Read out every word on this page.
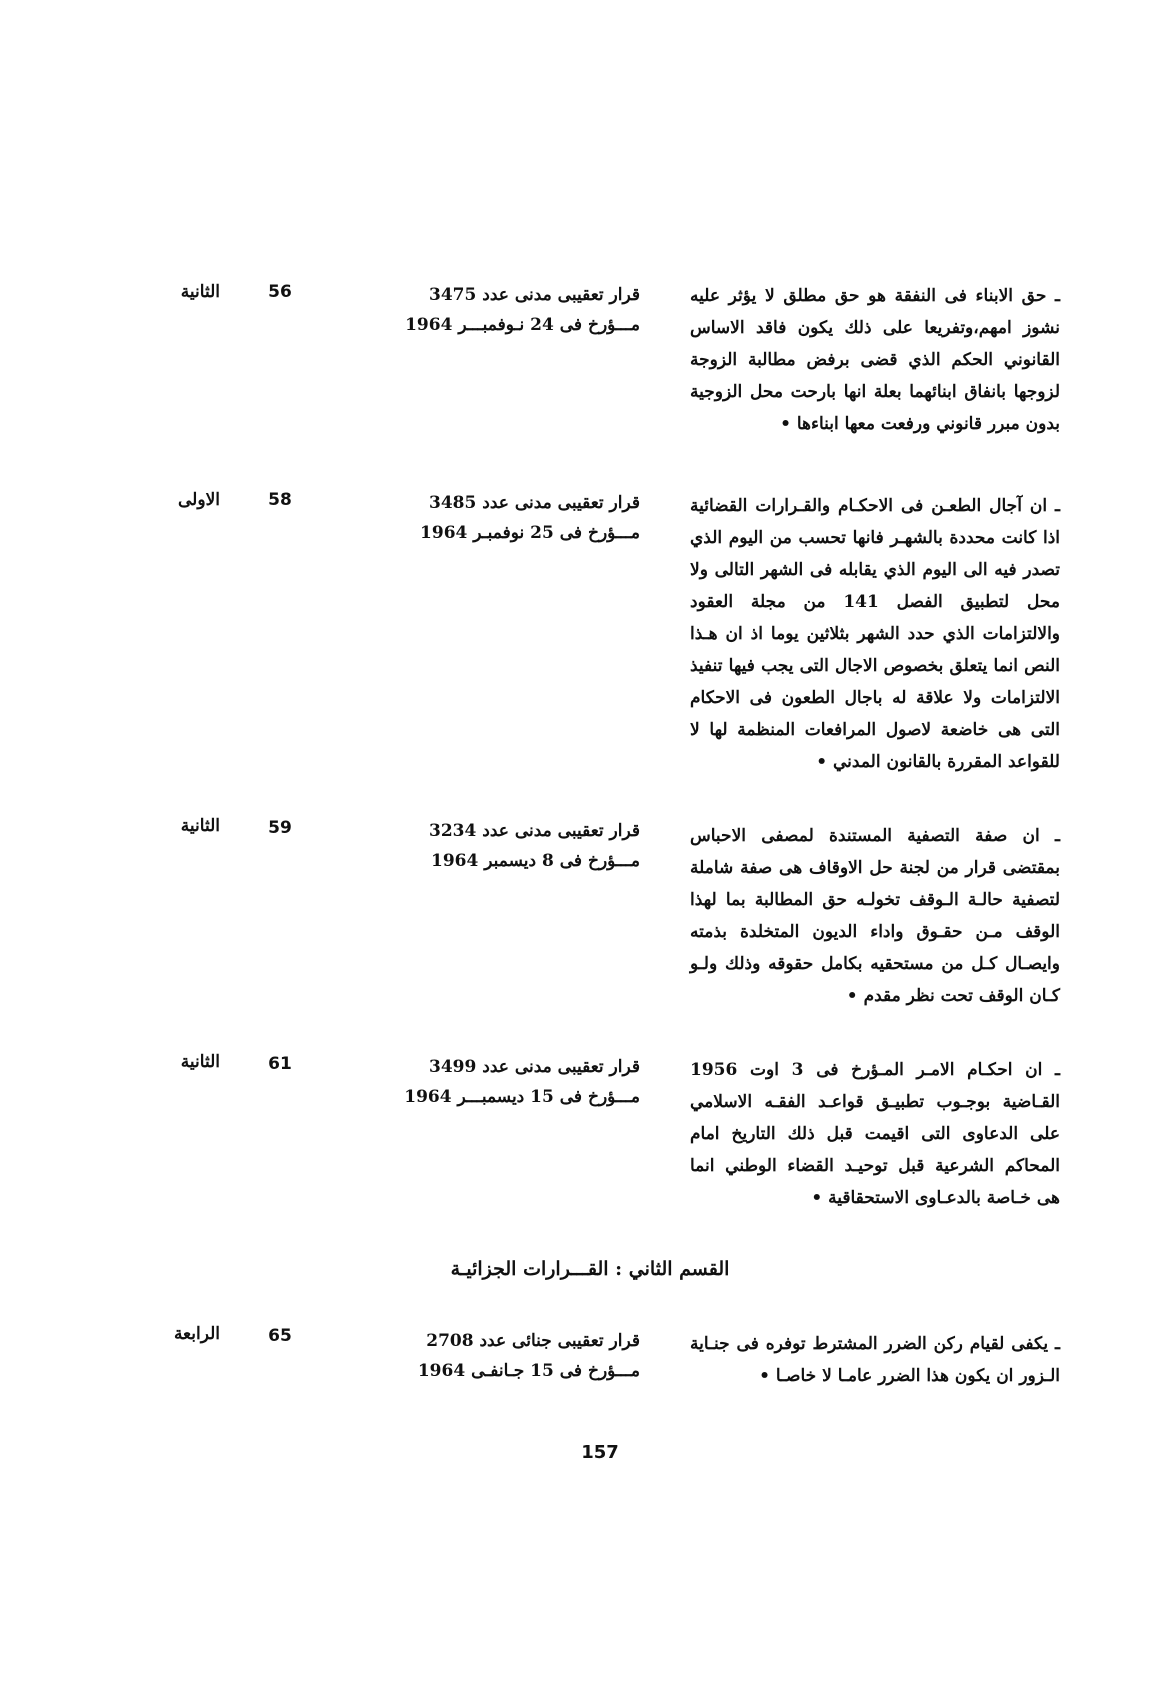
ـ حق الابناء فى النفقة هو حق مطلق لا يؤثر عليه نشوز امهم،وتفريعا على ذلك يكون فاقد الاساس القانوني الحكم الذي قضى برفض مطالبة الزوجة لزوجها بانفاق ابنائهما بعلة انها بارحت محل الزوجية بدون مبرر قانوني ورفعت معها ابناءها •
قرار تعقيبى مدنى عدد 3475
مـــؤرخ فى 24 نـوفمبـــر 1964
56
الثانية
ـ ان آجال الطعـن فى الاحكـام والقـرارات القضائية اذا كانت محددة بالشهـر فانها تحسب من اليوم الذي تصدر فيه الى اليوم الذي يقابله فى الشهر التالى ولا محل لتطبيق الفصل 141 من مجلة العقود والالتزامات الذي حدد الشهر بثلاثين يوما اذ ان هـذا النص انما يتعلق بخصوص الاجال التى يجب فيها تنفيذ الالتزامات ولا علاقة له باجال الطعون فى الاحكام التى هى خاضعة لاصول المرافعات المنظمة لها لا للقواعد المقررة بالقانون المدني •
قرار تعقيبى مدنى عدد 3485
مـــؤرخ فى 25 نوفمبـر 1964
58
الاولى
ـ ان صفة التصفية المستندة لمصفى الاحباس بمقتضى قرار من لجنة حل الاوقاف هى صفة شاملة لتصفية حالـة الـوقف تخولـه حق المطالبة بما لهذا الوقف مـن حقـوق واداء الديون المتخلدة بذمته وايصـال كـل من مستحقيه بكامل حقوقه وذلك ولـو كـان الوقف تحت نظر مقدم •
قرار تعقيبى مدنى عدد 3234
مـــؤرخ فى 8 ديسمبر 1964
59
الثانية
ـ ان احكـام الامـر المـؤرخ فى 3 اوت 1956 القـاضية بوجـوب تطبيـق قواعـد الفقـه الاسلامي على الدعاوى التى اقيمت قبل ذلك التاريخ امام المحاكم الشرعية قبل توحيـد القضاء الوطني انما هى خـاصة بالدعـاوى الاستحقاقية •
قرار تعقيبى مدنى عدد 3499
مـــؤرخ فى 15 ديسمبـــر 1964
61
الثانية
القسم الثاني : القـــرارات الجزائيـة
ـ يكفى لقيام ركن الضرر المشترط توفره فى جنـاية الـزور ان يكون هذا الضرر عامـا لا خاصـا •
قرار تعقيبى جنائى عدد 2708
مـــؤرخ فى 15 جـانفـى 1964
65
الرابعة
157
